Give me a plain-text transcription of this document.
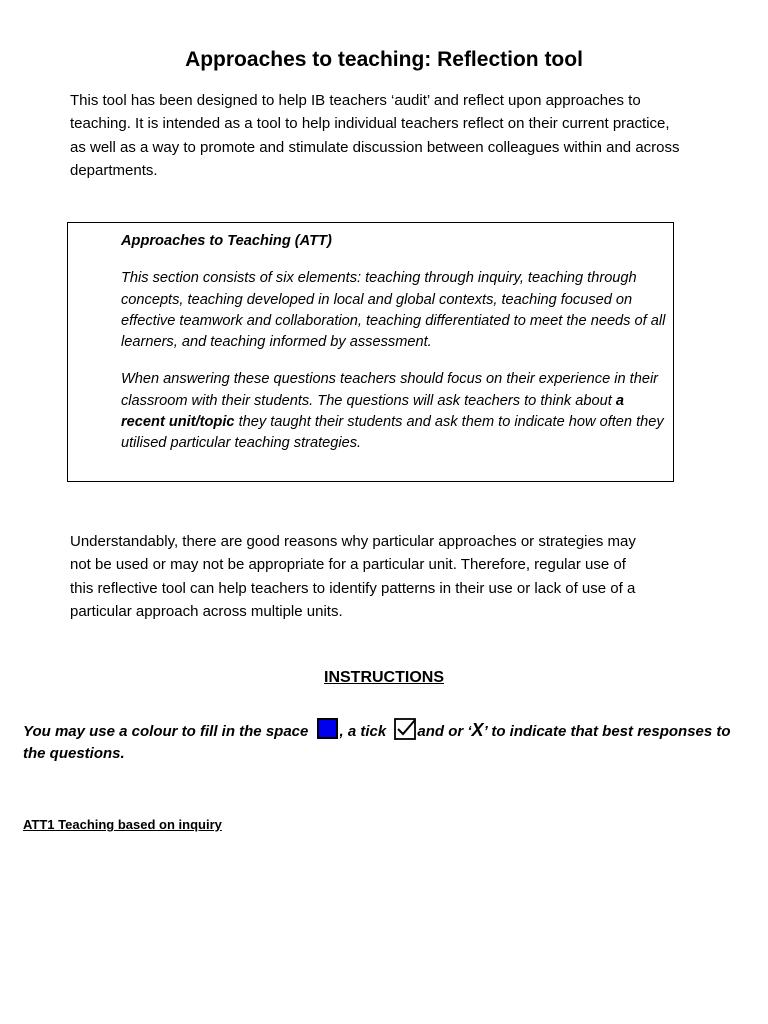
Approaches to teaching: Reflection tool
This tool has been designed to help IB teachers ‘audit’ and reflect upon approaches to teaching. It is intended as a tool to help individual teachers reflect on their current practice, as well as a way to promote and stimulate discussion between colleagues within and across departments.

Approaches to Teaching (ATT)

This section consists of six elements: teaching through inquiry, teaching through concepts, teaching developed in local and global contexts, teaching focused on effective teamwork and collaboration, teaching differentiated to meet the needs of all learners, and teaching informed by assessment.

When answering these questions teachers should focus on their experience in their classroom with their students. The questions will ask teachers to think about a recent unit/topic they taught their students and ask them to indicate how often they utilised particular teaching strategies.

Understandably, there are good reasons why particular approaches or strategies may not be used or may not be appropriate for a particular unit. Therefore, regular use of this reflective tool can help teachers to identify patterns in their use or lack of use of a particular approach across multiple units.
INSTRUCTIONS
You may use a colour to fill in the space , a tick and or ‘X’ to indicate that best responses to the questions.
ATT1 Teaching based on inquiry
